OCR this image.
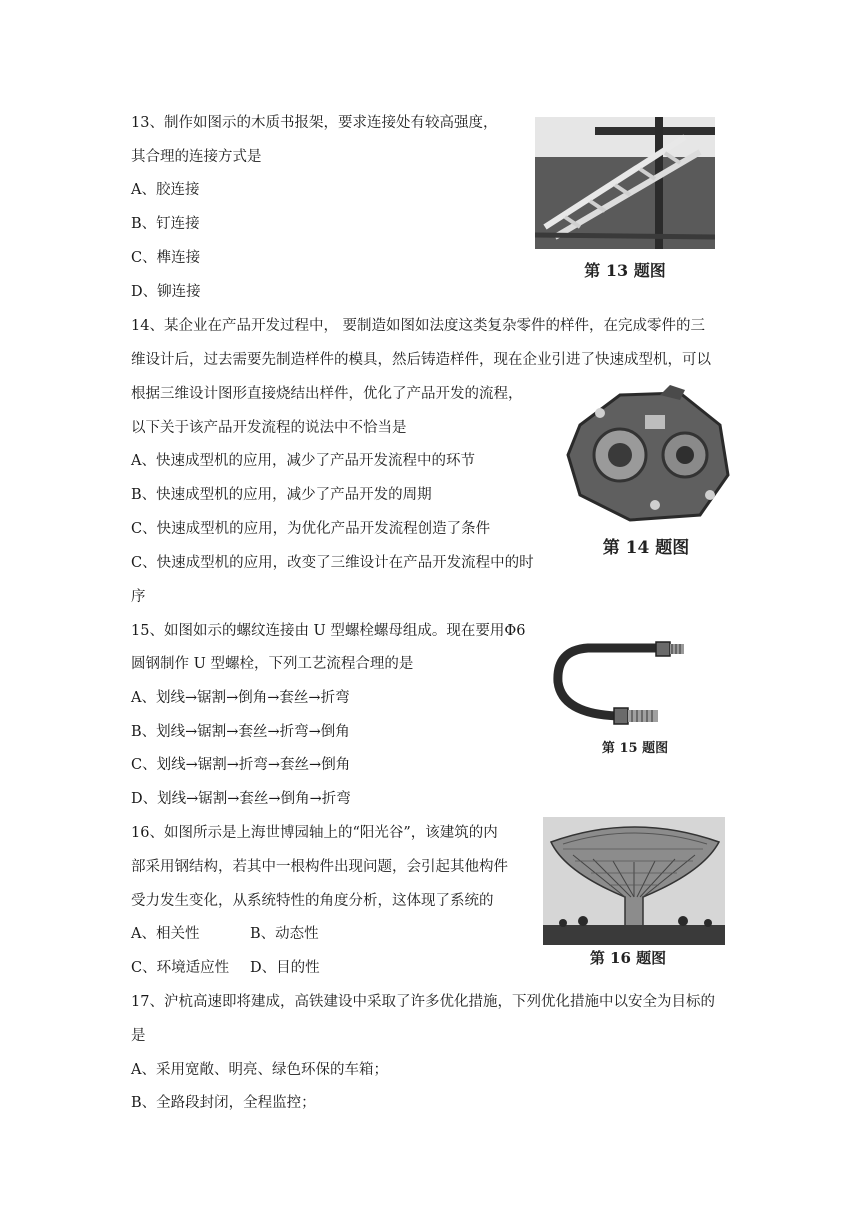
13、制作如图示的木质书报架，要求连接处有较高强度，
其合理的连接方式是
A、胶连接
B、钉连接
C、榫连接
D、铆连接
第 13 题图
14、某企业在产品开发过程中， 要制造如图如法度这类复杂零件的样件，在完成零件的三
维设计后，过去需要先制造样件的模具，然后铸造样件，现在企业引进了快速成型机，可以
根据三维设计图形直接烧结出样件，优化了产品开发的流程，
以下关于该产品开发流程的说法中不恰当是
A、快速成型机的应用，减少了产品开发流程中的环节
B、快速成型机的应用，减少了产品开发的周期
C、快速成型机的应用，为优化产品开发流程创造了条件
C、快速成型机的应用，改变了三维设计在产品开发流程中的时
序
第 14 题图
15、如图如示的螺纹连接由 U 型螺栓螺母组成。现在要用Φ6
圆钢制作 U 型螺栓，下列工艺流程合理的是
A、划线→锯割→倒角→套丝→折弯
B、划线→锯割→套丝→折弯→倒角
C、划线→锯割→折弯→套丝→倒角
D、划线→锯割→套丝→倒角→折弯
第 15 题图
16、如图所示是上海世博园轴上的“阳光谷”，该建筑的内
部采用钢结构，若其中一根构件出现问题，会引起其他构件
受力发生变化，从系统特性的角度分析，这体现了系统的
A、相关性	B、动态性
C、环境适应性 D、目的性
第 16 题图
17、沪杭高速即将建成，高铁建设中采取了许多优化措施，下列优化措施中以安全为目标的
是
A、采用宽敞、明亮、绿色环保的车箱；
B、全路段封闭，全程监控；
